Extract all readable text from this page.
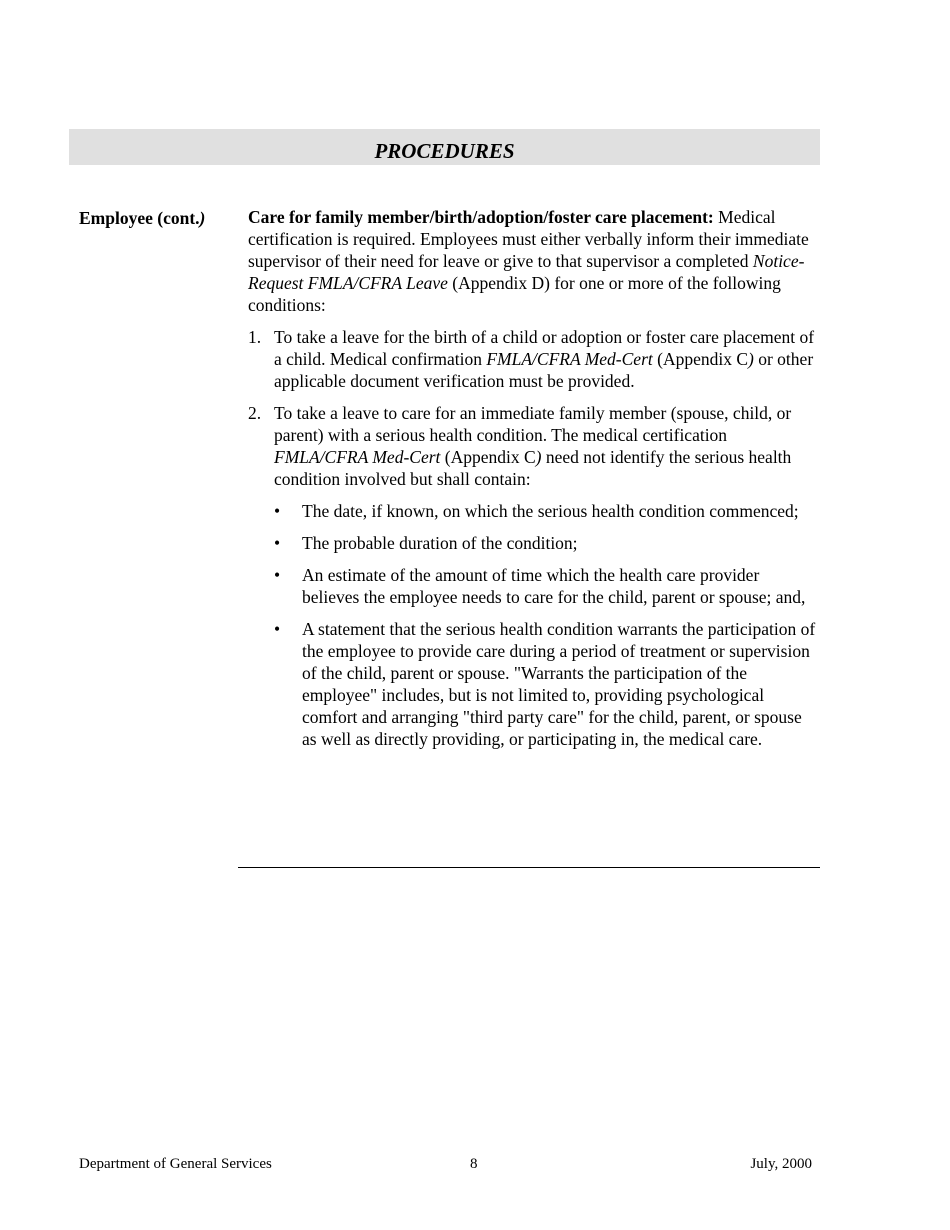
PROCEDURES
Employee (cont.) Care for family member/birth/adoption/foster care placement: Medical certification is required. Employees must either verbally inform their immediate supervisor of their need for leave or give to that supervisor a completed Notice-Request FMLA/CFRA Leave (Appendix D) for one or more of the following conditions:

1. To take a leave for the birth of a child or adoption or foster care placement of a child. Medical confirmation FMLA/CFRA Med-Cert (Appendix C) or other applicable document verification must be provided.
2. To take a leave to care for an immediate family member (spouse, child, or parent) with a serious health condition. The medical certification FMLA/CFRA Med-Cert (Appendix C) need not identify the serious health condition involved but shall contain:
• The date, if known, on which the serious health condition commenced;
• The probable duration of the condition;
• An estimate of the amount of time which the health care provider believes the employee needs to care for the child, parent or spouse; and,
• A statement that the serious health condition warrants the participation of the employee to provide care during a period of treatment or supervision of the child, parent or spouse. "Warrants the participation of the employee" includes, but is not limited to, providing psychological comfort and arranging "third party care" for the child, parent, or spouse as well as directly providing, or participating in, the medical care.
Department of General Services	8	July, 2000
